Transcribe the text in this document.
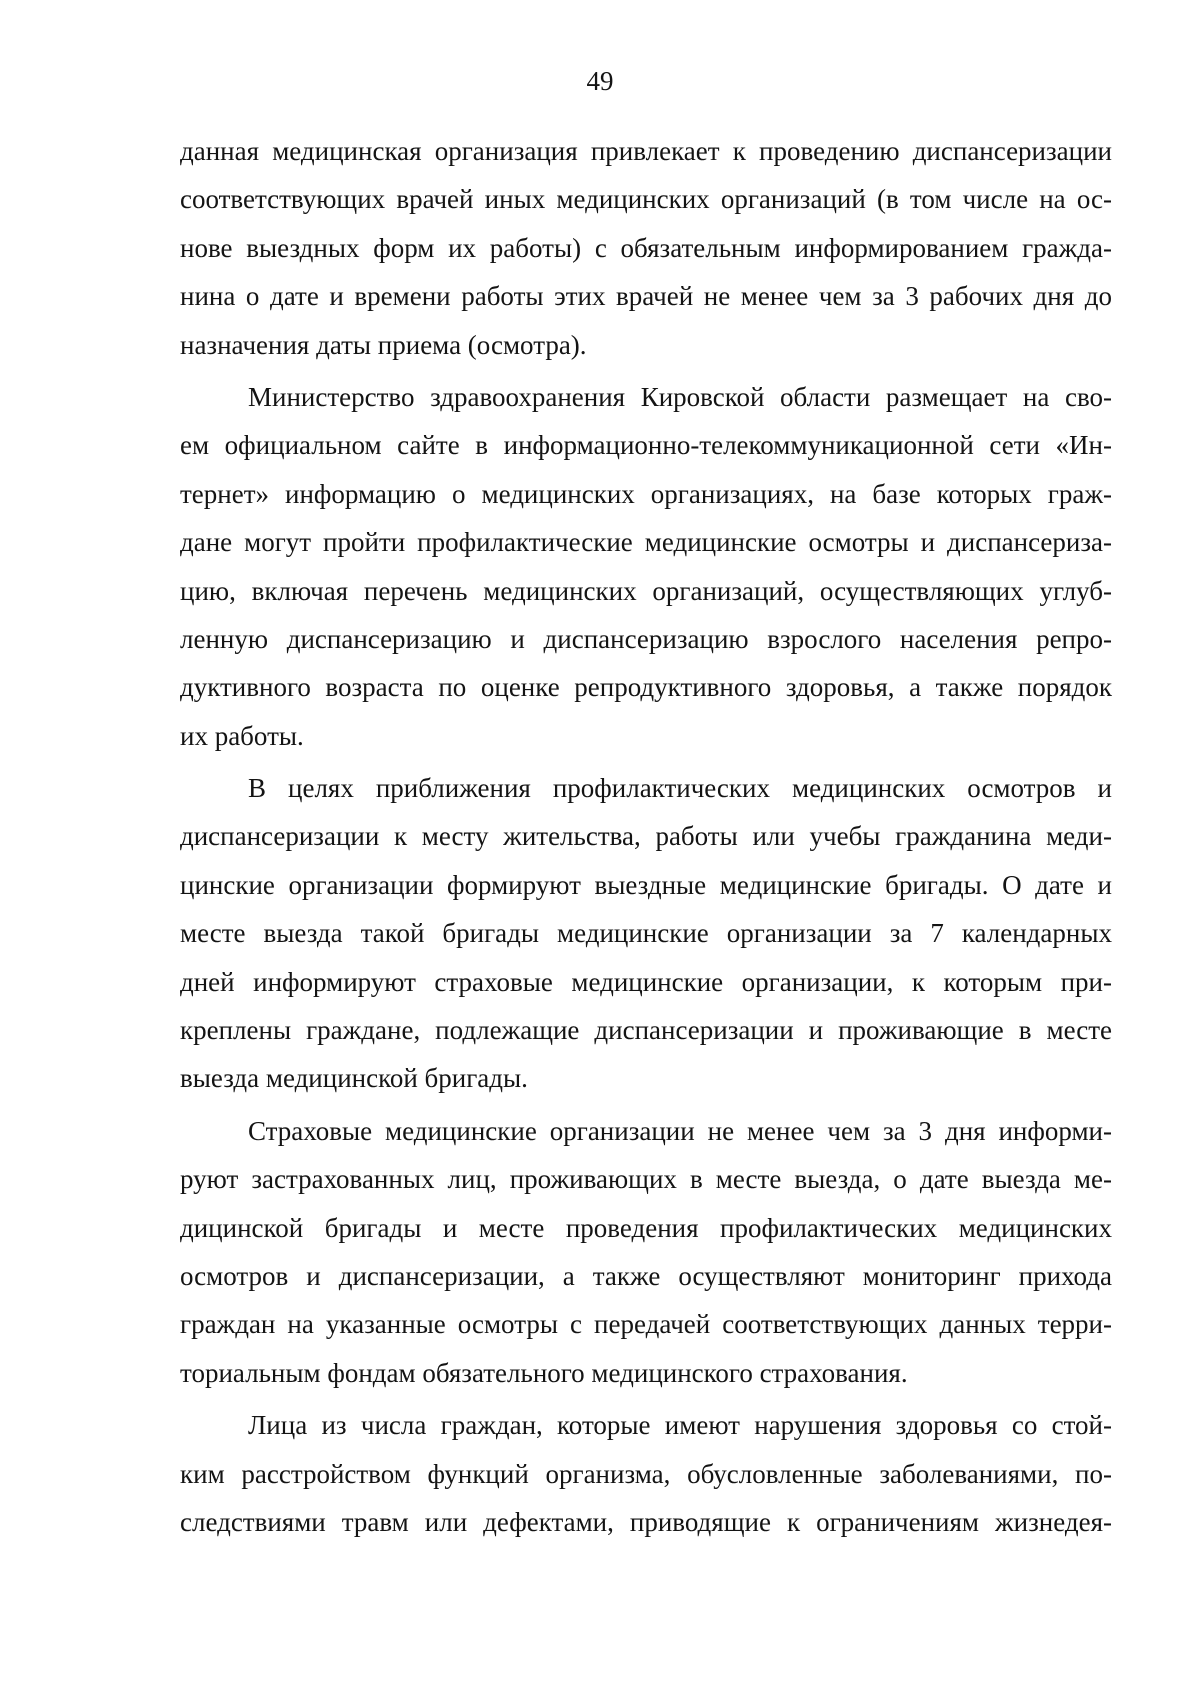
49

данная медицинская организация привлекает к проведению диспансеризации
соответствующих врачей иных медицинских организаций (в том числе на ос-
нове выездных форм их работы) с обязательным информированием гражда-
нина о дате и времени работы этих врачей не менее чем за 3 рабочих дня до
назначения даты приема (осмотра).

Министерство здравоохранения Кировской области размещает на сво-
ем официальном сайте в информационно-телекоммуникационной сети «Ин-
тернет» информацию о медицинских организациях, на базе которых граж-
дане могут пройти профилактические медицинские осмотры и диспансериза-
цию, включая перечень медицинских организаций, осуществляющих углуб-
ленную диспансеризацию и диспансеризацию взрослого населения репро-
дуктивного возраста по оценке репродуктивного здоровья, а также порядок
их работы.

В целях приближения профилактических медицинских осмотров и
диспансеризации к месту жительства, работы или учебы гражданина меди-
цинские организации формируют выездные медицинские бригады. О дате и
месте выезда такой бригады медицинские организации за 7 календарных
дней информируют страховые медицинские организации, к которым при-
креплены граждане, подлежащие диспансеризации и проживающие в месте
выезда медицинской бригады.

Страховые медицинские организации не менее чем за 3 дня информи-
руют застрахованных лиц, проживающих в месте выезда, о дате выезда ме-
дицинской бригады и месте проведения профилактических медицинских
осмотров и диспансеризации, а также осуществляют мониторинг прихода
граждан на указанные осмотры с передачей соответствующих данных терри-
ториальным фондам обязательного медицинского страхования.

Лица из числа граждан, которые имеют нарушения здоровья со стой-
ким расстройством функций организма, обусловленные заболеваниями, по-
следствиями травм или дефектами, приводящие к ограничениям жизнедея-
